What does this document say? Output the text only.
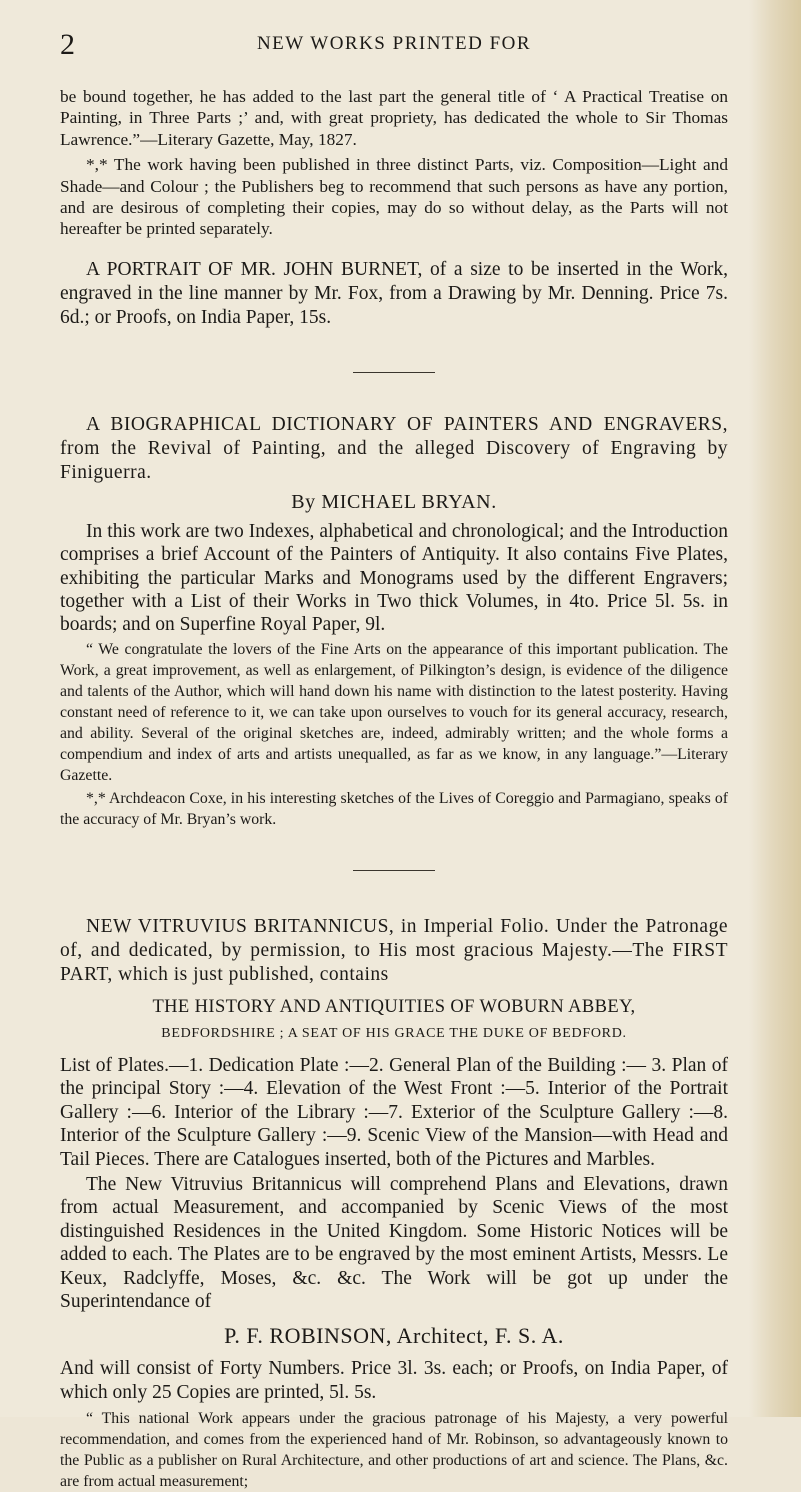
2	NEW WORKS PRINTED FOR

be bound together, he has added to the last part the general title of ‘ A Practical Treatise on Painting, in Three Parts ;’ and, with great propriety, has dedicated the whole to Sir Thomas Lawrence.”—Literary Gazette, May, 1827.

*,* The work having been published in three distinct Parts, viz. Composition—Light and Shade—and Colour ; the Publishers beg to recommend that such persons as have any portion, and are desirous of completing their copies, may do so without delay, as the Parts will not hereafter be printed separately.

A PORTRAIT OF MR. JOHN BURNET, of a size to be inserted in the Work, engraved in the line manner by Mr. Fox, from a Drawing by Mr. Denning. Price 7s. 6d.; or Proofs, on India Paper, 15s.

A BIOGRAPHICAL DICTIONARY OF PAINTERS AND ENGRAVERS, from the Revival of Painting, and the alleged Discovery of Engraving by Finiguerra.

By MICHAEL BRYAN.

In this work are two Indexes, alphabetical and chronological; and the Introduction comprises a brief Account of the Painters of Antiquity. It also contains Five Plates, exhibiting the particular Marks and Monograms used by the different Engravers; together with a List of their Works in Two thick Volumes, in 4to. Price 5l. 5s. in boards; and on Superfine Royal Paper, 9l.

“ We congratulate the lovers of the Fine Arts on the appearance of this important publication. The Work, a great improvement, as well as enlargement, of Pilkington’s design, is evidence of the diligence and talents of the Author, which will hand down his name with distinction to the latest posterity. Having constant need of reference to it, we can take upon ourselves to vouch for its general accuracy, research, and ability. Several of the original sketches are, indeed, admirably written; and the whole forms a compendium and index of arts and artists unequalled, as far as we know, in any language.”—Literary Gazette.

*,* Archdeacon Coxe, in his interesting sketches of the Lives of Coreggio and Parmagiano, speaks of the accuracy of Mr. Bryan’s work.

NEW VITRUVIUS BRITANNICUS, in Imperial Folio. Under the Patronage of, and dedicated, by permission, to His most gracious Majesty.—The FIRST PART, which is just published, contains

THE HISTORY AND ANTIQUITIES OF WOBURN ABBEY,

BEDFORDSHIRE ; A SEAT OF HIS GRACE THE DUKE OF BEDFORD.

List of Plates.—1. Dedication Plate :—2. General Plan of the Building :— 3. Plan of the principal Story :—4. Elevation of the West Front :—5. Interior of the Portrait Gallery :—6. Interior of the Library :—7. Exterior of the Sculpture Gallery :—8. Interior of the Sculpture Gallery :—9. Scenic View of the Mansion—with Head and Tail Pieces. There are Catalogues inserted, both of the Pictures and Marbles.

The New Vitruvius Britannicus will comprehend Plans and Elevations, drawn from actual Measurement, and accompanied by Scenic Views of the most distinguished Residences in the United Kingdom. Some Historic Notices will be added to each. The Plates are to be engraved by the most eminent Artists, Messrs. Le Keux, Radclyffe, Moses, &c. &c. The Work will be got up under the Superintendance of

P. F. ROBINSON, Architect, F. S. A.

And will consist of Forty Numbers. Price 3l. 3s. each; or Proofs, on India Paper, of which only 25 Copies are printed, 5l. 5s.

“ This national Work appears under the gracious patronage of his Majesty, a very powerful recommendation, and comes from the experienced hand of Mr. Robinson, so advantageously known to the Public as a publisher on Rural Architecture, and other productions of art and science. The Plans, &c. are from actual measurement;
